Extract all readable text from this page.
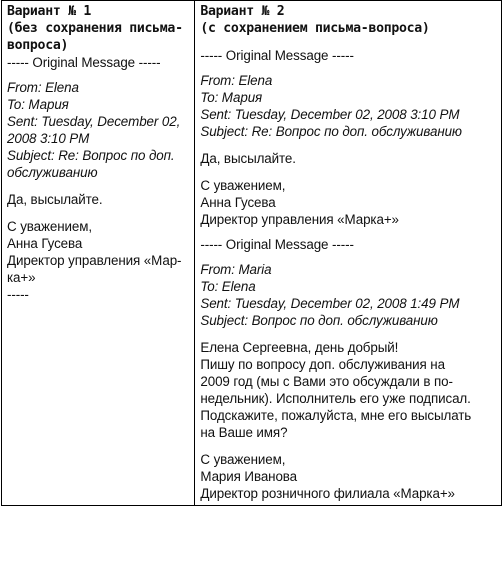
Вариант № 1
(без сохранения письма-
вопроса)
----- Original Message -----
From: Elena
To: Мария
Sent: Tuesday, December 02,
2008 3:10 PM
Subject: Re: Вопрос по доп.
обслуживанию
Да, высылайте.
С уважением,
Анна Гусева
Директор управления «Мар-
ка+»
-----

Вариант № 2
(с сохранением письма-вопроса)
----- Original Message -----
From: Elena
To: Мария
Sent: Tuesday, December 02, 2008 3:10 PM
Subject: Re: Вопрос по доп. обслуживанию
Да, высылайте.
С уважением,
Анна Гусева
Директор управления «Марка+»
----- Original Message -----
From: Maria
To: Elena
Sent: Tuesday, December 02, 2008 1:49 PM
Subject: Вопрос по доп. обслуживанию
Елена Сергеевна, день добрый!
Пишу по вопросу доп. обслуживания на
2009 год (мы с Вами это обсуждали в по-
недельник). Исполнитель его уже подписал.
Подскажите, пожалуйста, мне его высылать
на Ваше имя?
С уважением,
Мария Иванова
Директор розничного филиала «Марка+»
